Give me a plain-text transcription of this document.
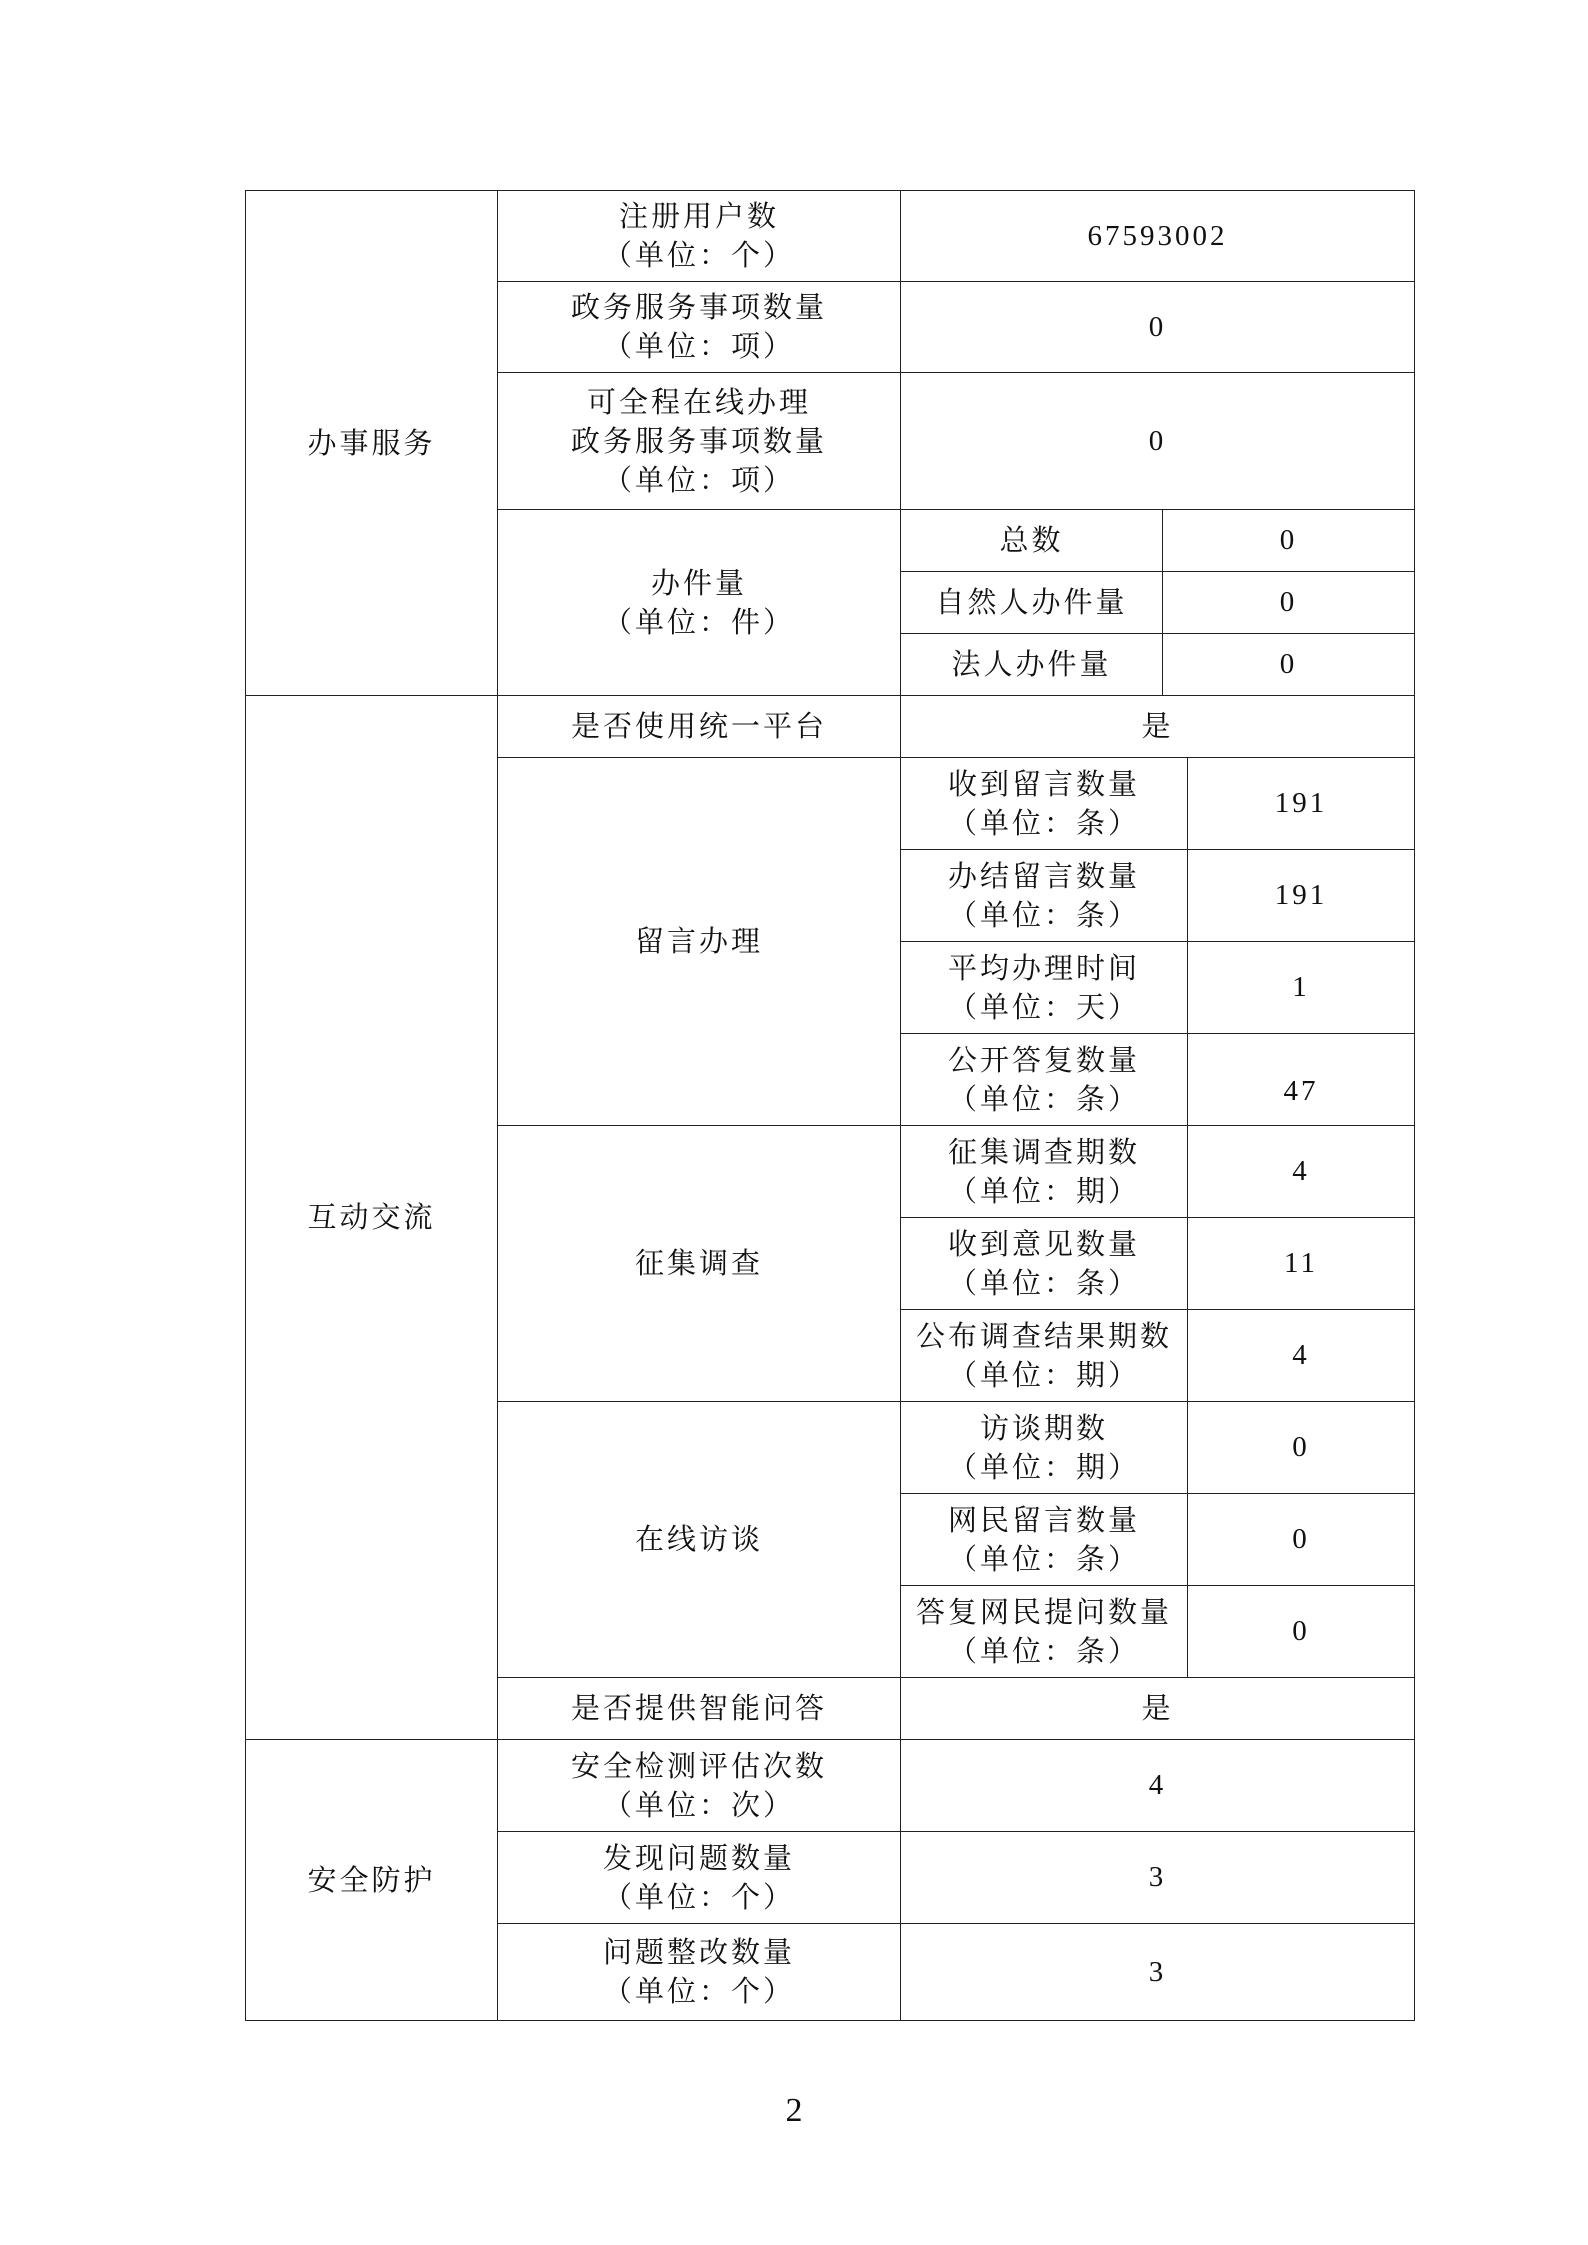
办事服务	注册用户数
（单位：个）	67593002		

	政务服务事项数量
（单位：项）	0		

	可全程在线办理
政务服务事项数量
（单位：项）	0		

	办件量
（单位：件）	总数	0	
		自然人办件量	0	
		法人办件量	0	
互动交流	是否使用统一平台	是		
	留言办理	收到留言数量
（单位：条）		191

		办结留言数量
（单位：条）		191

		平均办理时间
（单位：天）		1

		公开答复数量
（单位：条）		47
	征集调查	征集调查期数
（单位：期）		4

		收到意见数量
（单位：条）		11

		公布调查结果期数
（单位：期）		4
	在线访谈	访谈期数
（单位：期）		0

		网民留言数量
（单位：条）		0

		答复网民提问数量
（单位：条）		0
	是否提供智能问答	是		
安全防护	安全检测评估次数
（单位：次）	4		

	发现问题数量
（单位：个）	3		

	问题整改数量
（单位：个）	3		
2
